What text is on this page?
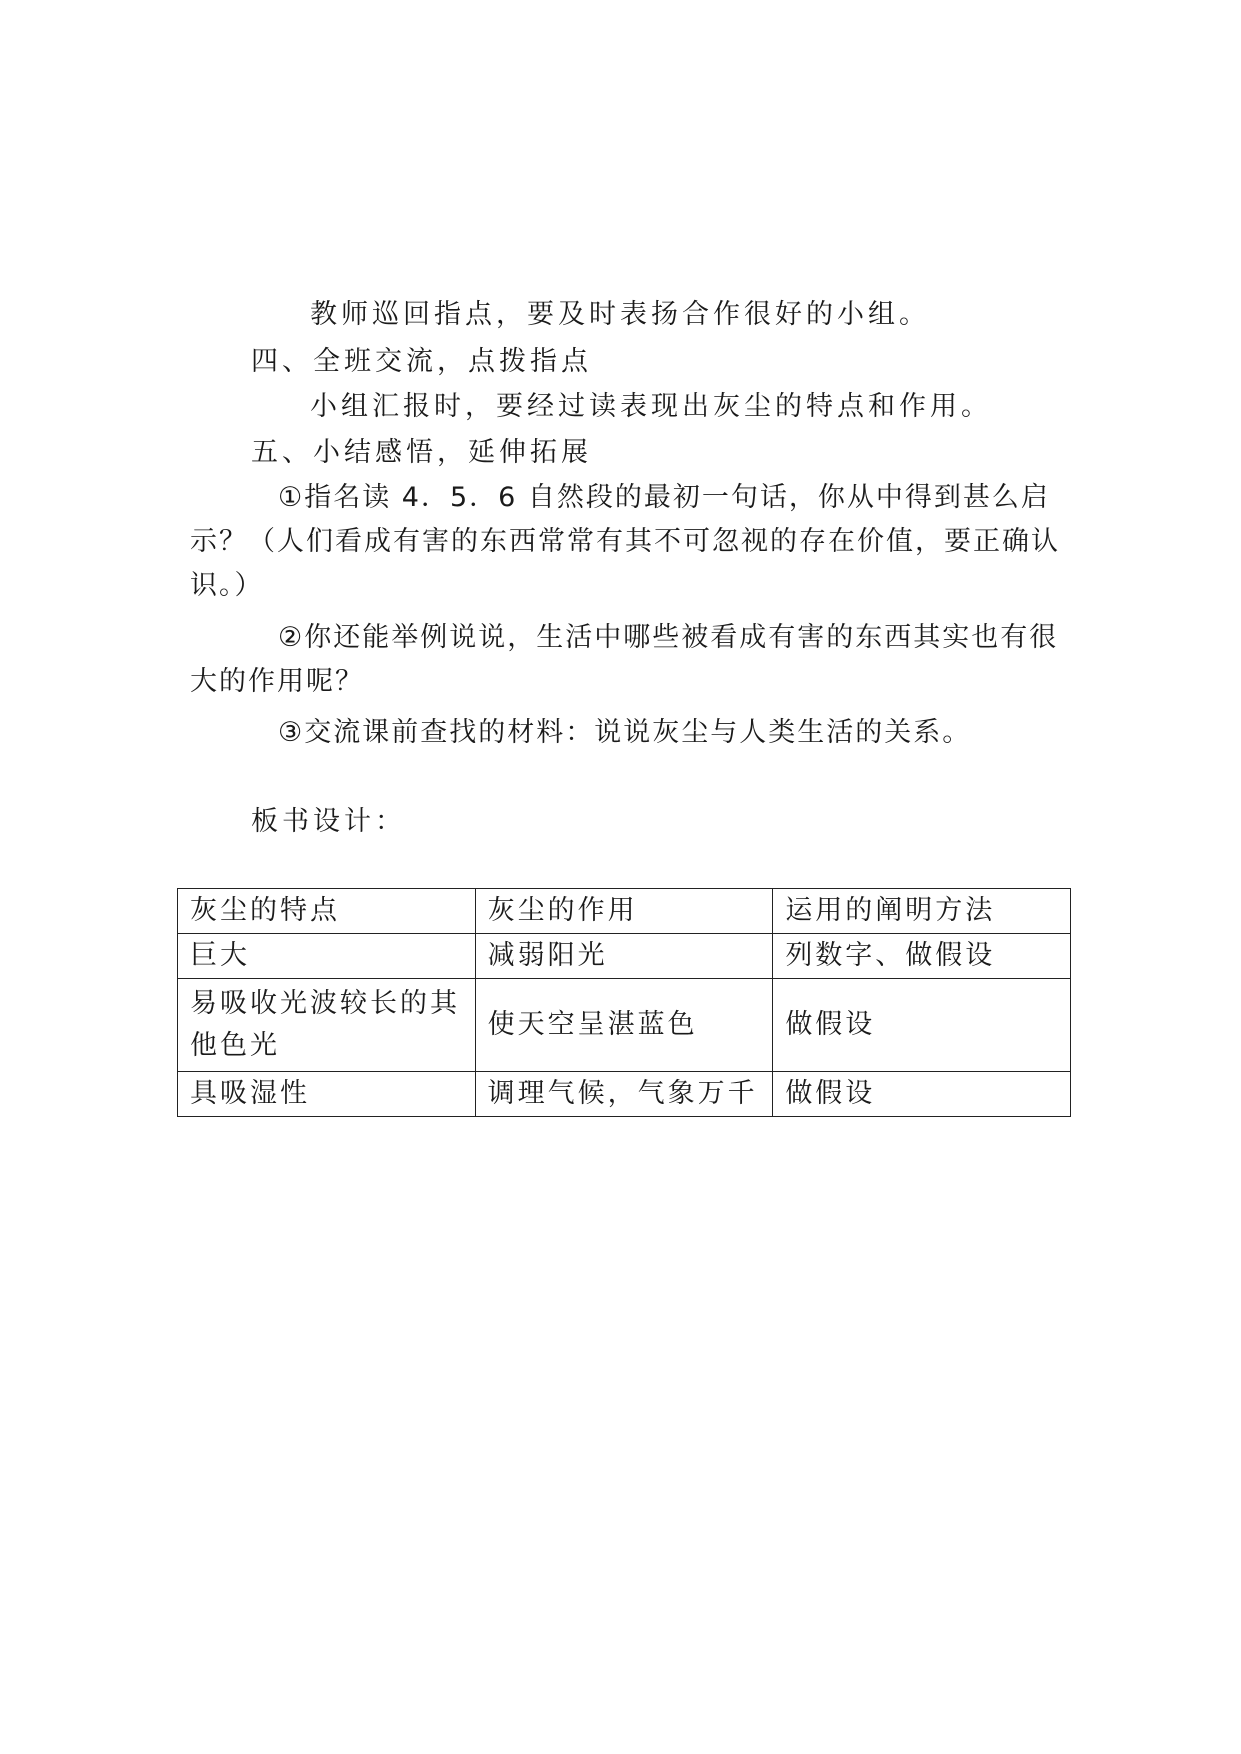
教师巡回指点，要及时表扬合作很好的小组。
四、全班交流，点拨指点
小组汇报时，要经过读表现出灰尘的特点和作用。
五、小结感悟，延伸拓展
①指名读 4．5．6 自然段的最初一句话，你从中得到甚么启示？（人们看成有害的东西常常有其不可忽视的存在价值，要正确认识。）
②你还能举例说说，生活中哪些被看成有害的东西其实也有很大的作用呢？
③交流课前查找的材料：说说灰尘与人类生活的关系。
板书设计：
灰尘的特点	灰尘的作用	运用的阐明方法
巨大	减弱阳光	列数字、做假设
易吸收光波较长的其他色光	使天空呈湛蓝色	做假设
具吸湿性	调理气候，气象万千	做假设
